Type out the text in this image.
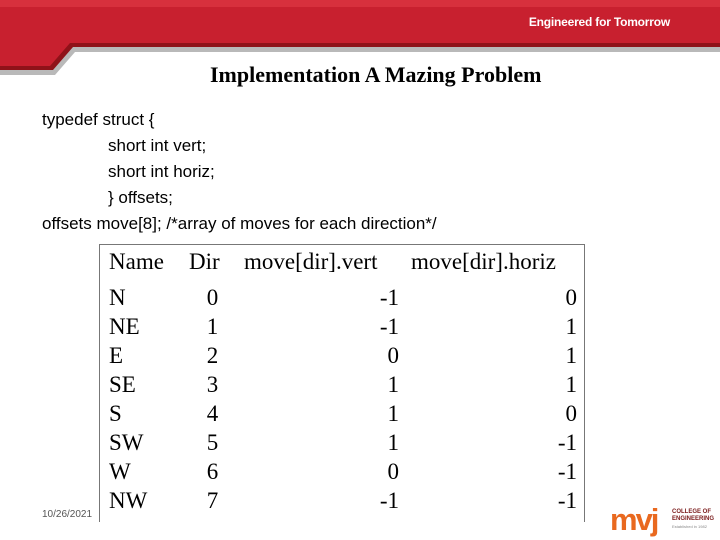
Engineered for Tomorrow
Implementation A Mazing Problem
typedef struct {
short int vert;
short int horiz;
} offsets;
offsets move[8]; /*array of moves for each direction*/
Name Dir move[dir].vert move[dir].horiz
N	0	-1	0
NE	1	-1	1
E	2	0	1
SE	3	1	1
S	4	1	0
SW	5	1	-1
W	6	0	-1
NW	7	-1	-1
10/26/2021	mvj COLLEGE OF
ENGINEERING
Established in 1982
